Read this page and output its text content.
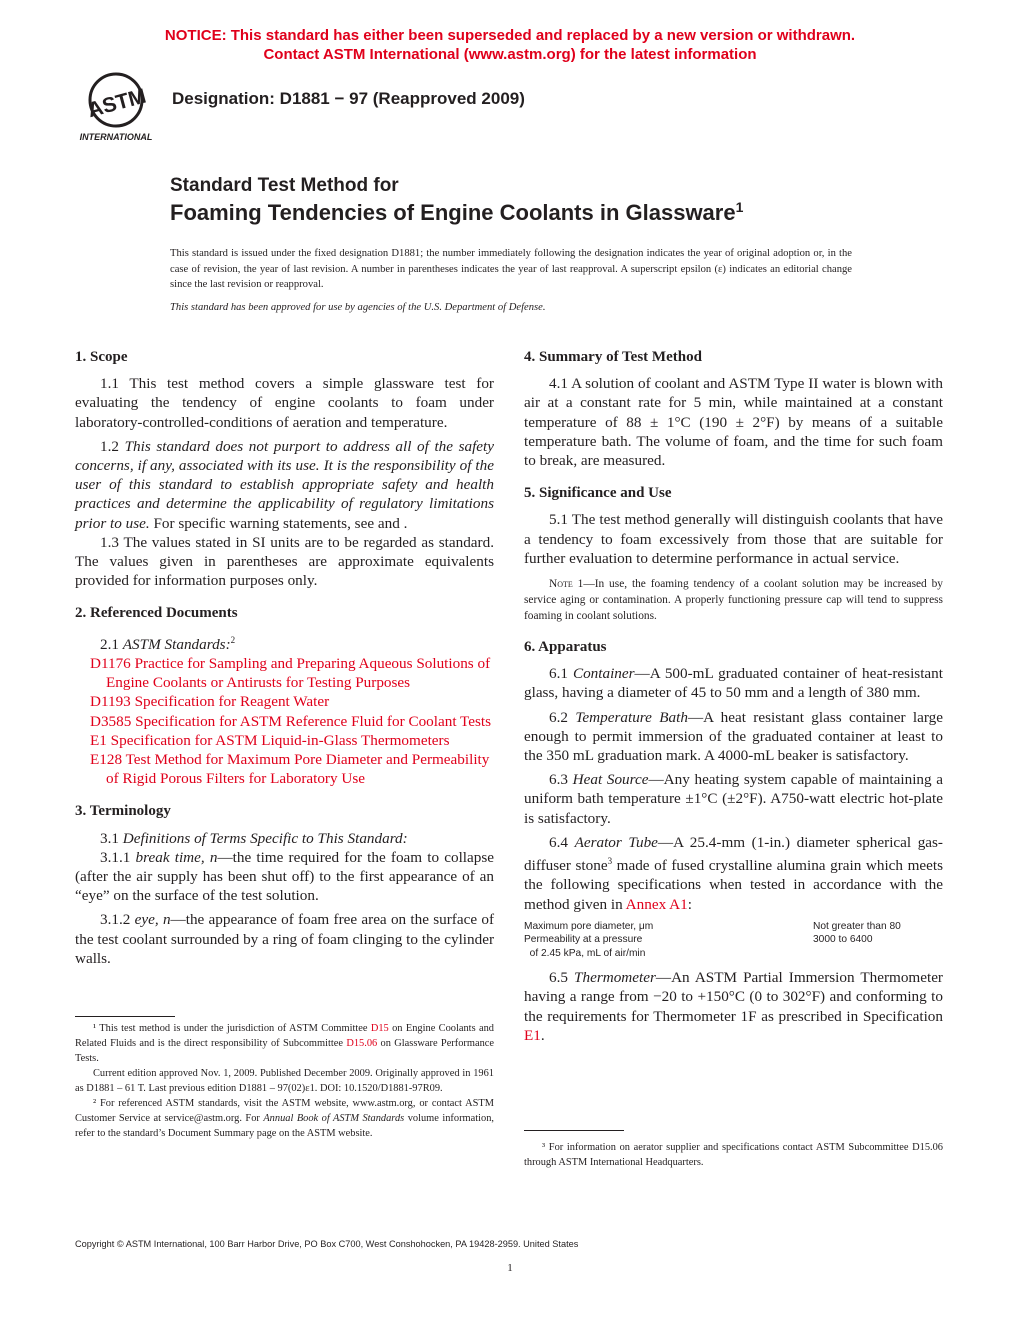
NOTICE: This standard has either been superseded and replaced by a new version or withdrawn.
Contact ASTM International (www.astm.org) for the latest information
ASTM
INTERNATIONAL
Designation: D1881 − 97 (Reapproved 2009)
Standard Test Method for
Foaming Tendencies of Engine Coolants in Glassware$^1$
This standard is issued under the fixed designation D1881; the number immediately following the designation indicates the year of original adoption or, in the case of revision, the year of last revision. A number in parentheses indicates the year of last reapproval. A superscript epsilon (ε) indicates an editorial change since the last revision or reapproval.
This standard has been approved for use by agencies of the U.S. Department of Defense.
1. Scope

1.1 This test method covers a simple glassware test for evaluating the tendency of engine coolants to foam under laboratory-controlled-conditions of aeration and temperature.

1.2 This standard does not purport to address all of the safety concerns, if any, associated with its use. It is the responsibility of the user of this standard to establish appropriate safety and health practices and determine the applicability of regulatory limitations prior to use. For specific warning statements, see and .

1.3 The values stated in SI units are to be regarded as standard. The values given in parentheses are approximate equivalents provided for information purposes only.

2. Referenced Documents

2.1 ASTM Standards:$^2$

D1176 Practice for Sampling and Preparing Aqueous Solutions of Engine Coolants or Antirusts for Testing Purposes
D1193 Specification for Reagent Water
D3585 Specification for ASTM Reference Fluid for Coolant Tests
E1 Specification for ASTM Liquid-in-Glass Thermometers
E128 Test Method for Maximum Pore Diameter and Permeability of Rigid Porous Filters for Laboratory Use
3. Terminology

3.1 Definitions of Terms Specific to This Standard:

3.1.1 break time, n—the time required for the foam to collapse (after the air supply has been shut off) to the first appearance of an “eye” on the surface of the test solution.

3.1.2 eye, n—the appearance of foam free area on the surface of the test coolant surrounded by a ring of foam clinging to the cylinder walls.

4. Summary of Test Method

4.1 A solution of coolant and ASTM Type II water is blown with air at a constant rate for 5 min, while maintained at a constant temperature of 88 ± 1°C (190 ± 2°F) by means of a suitable temperature bath. The volume of foam, and the time for such foam to break, are measured.

5. Significance and Use

5.1 The test method generally will distinguish coolants that have a tendency to foam excessively from those that are suitable for further evaluation to determine performance in actual service.

Note 1—In use, the foaming tendency of a coolant solution may be increased by service aging or contamination. A properly functioning pressure cap will tend to suppress foaming in coolant solutions.

6. Apparatus

6.1 Container—A 500-mL graduated container of heat-resistant glass, having a diameter of 45 to 50 mm and a length of 380 mm.

6.2 Temperature Bath—A heat resistant glass container large enough to permit immersion of the graduated container at least to the 350 mL graduation mark. A 4000-mL beaker is satisfactory.

6.3 Heat Source—Any heating system capable of maintaining a uniform bath temperature ±1°C (±2°F). A750-watt electric hot-plate is satisfactory.

6.4 Aerator Tube—A 25.4-mm (1-in.) diameter spherical gas-diffuser stone$^3$ made of fused crystalline alumina grain which meets the following specifications when tested in accordance with the method given in Annex A1:

Maximum pore diameter, μm	Not greater than 80
Permeability at a pressure	3000 to 6400
of 2.45 kPa, mL of air/min

6.5 Thermometer—An ASTM Partial Immersion Thermometer having a range from −20 to +150°C (0 to 302°F) and conforming to the requirements for Thermometer 1F as prescribed in Specification E1.

¹ This test method is under the jurisdiction of ASTM Committee D15 on Engine Coolants and Related Fluids and is the direct responsibility of Subcommittee D15.06 on Glassware Performance Tests.

Current edition approved Nov. 1, 2009. Published December 2009. Originally approved in 1961 as D1881 – 61 T. Last previous edition D1881 – 97(02)ε1. DOI: 10.1520/D1881-97R09.

² For referenced ASTM standards, visit the ASTM website, www.astm.org, or contact ASTM Customer Service at service@astm.org. For Annual Book of ASTM Standards volume information, refer to the standard’s Document Summary page on the ASTM website.

³ For information on aerator supplier and specifications contact ASTM Subcommittee D15.06 through ASTM International Headquarters.

Copyright © ASTM International, 100 Barr Harbor Drive, PO Box C700, West Conshohocken, PA 19428-2959. United States
1
